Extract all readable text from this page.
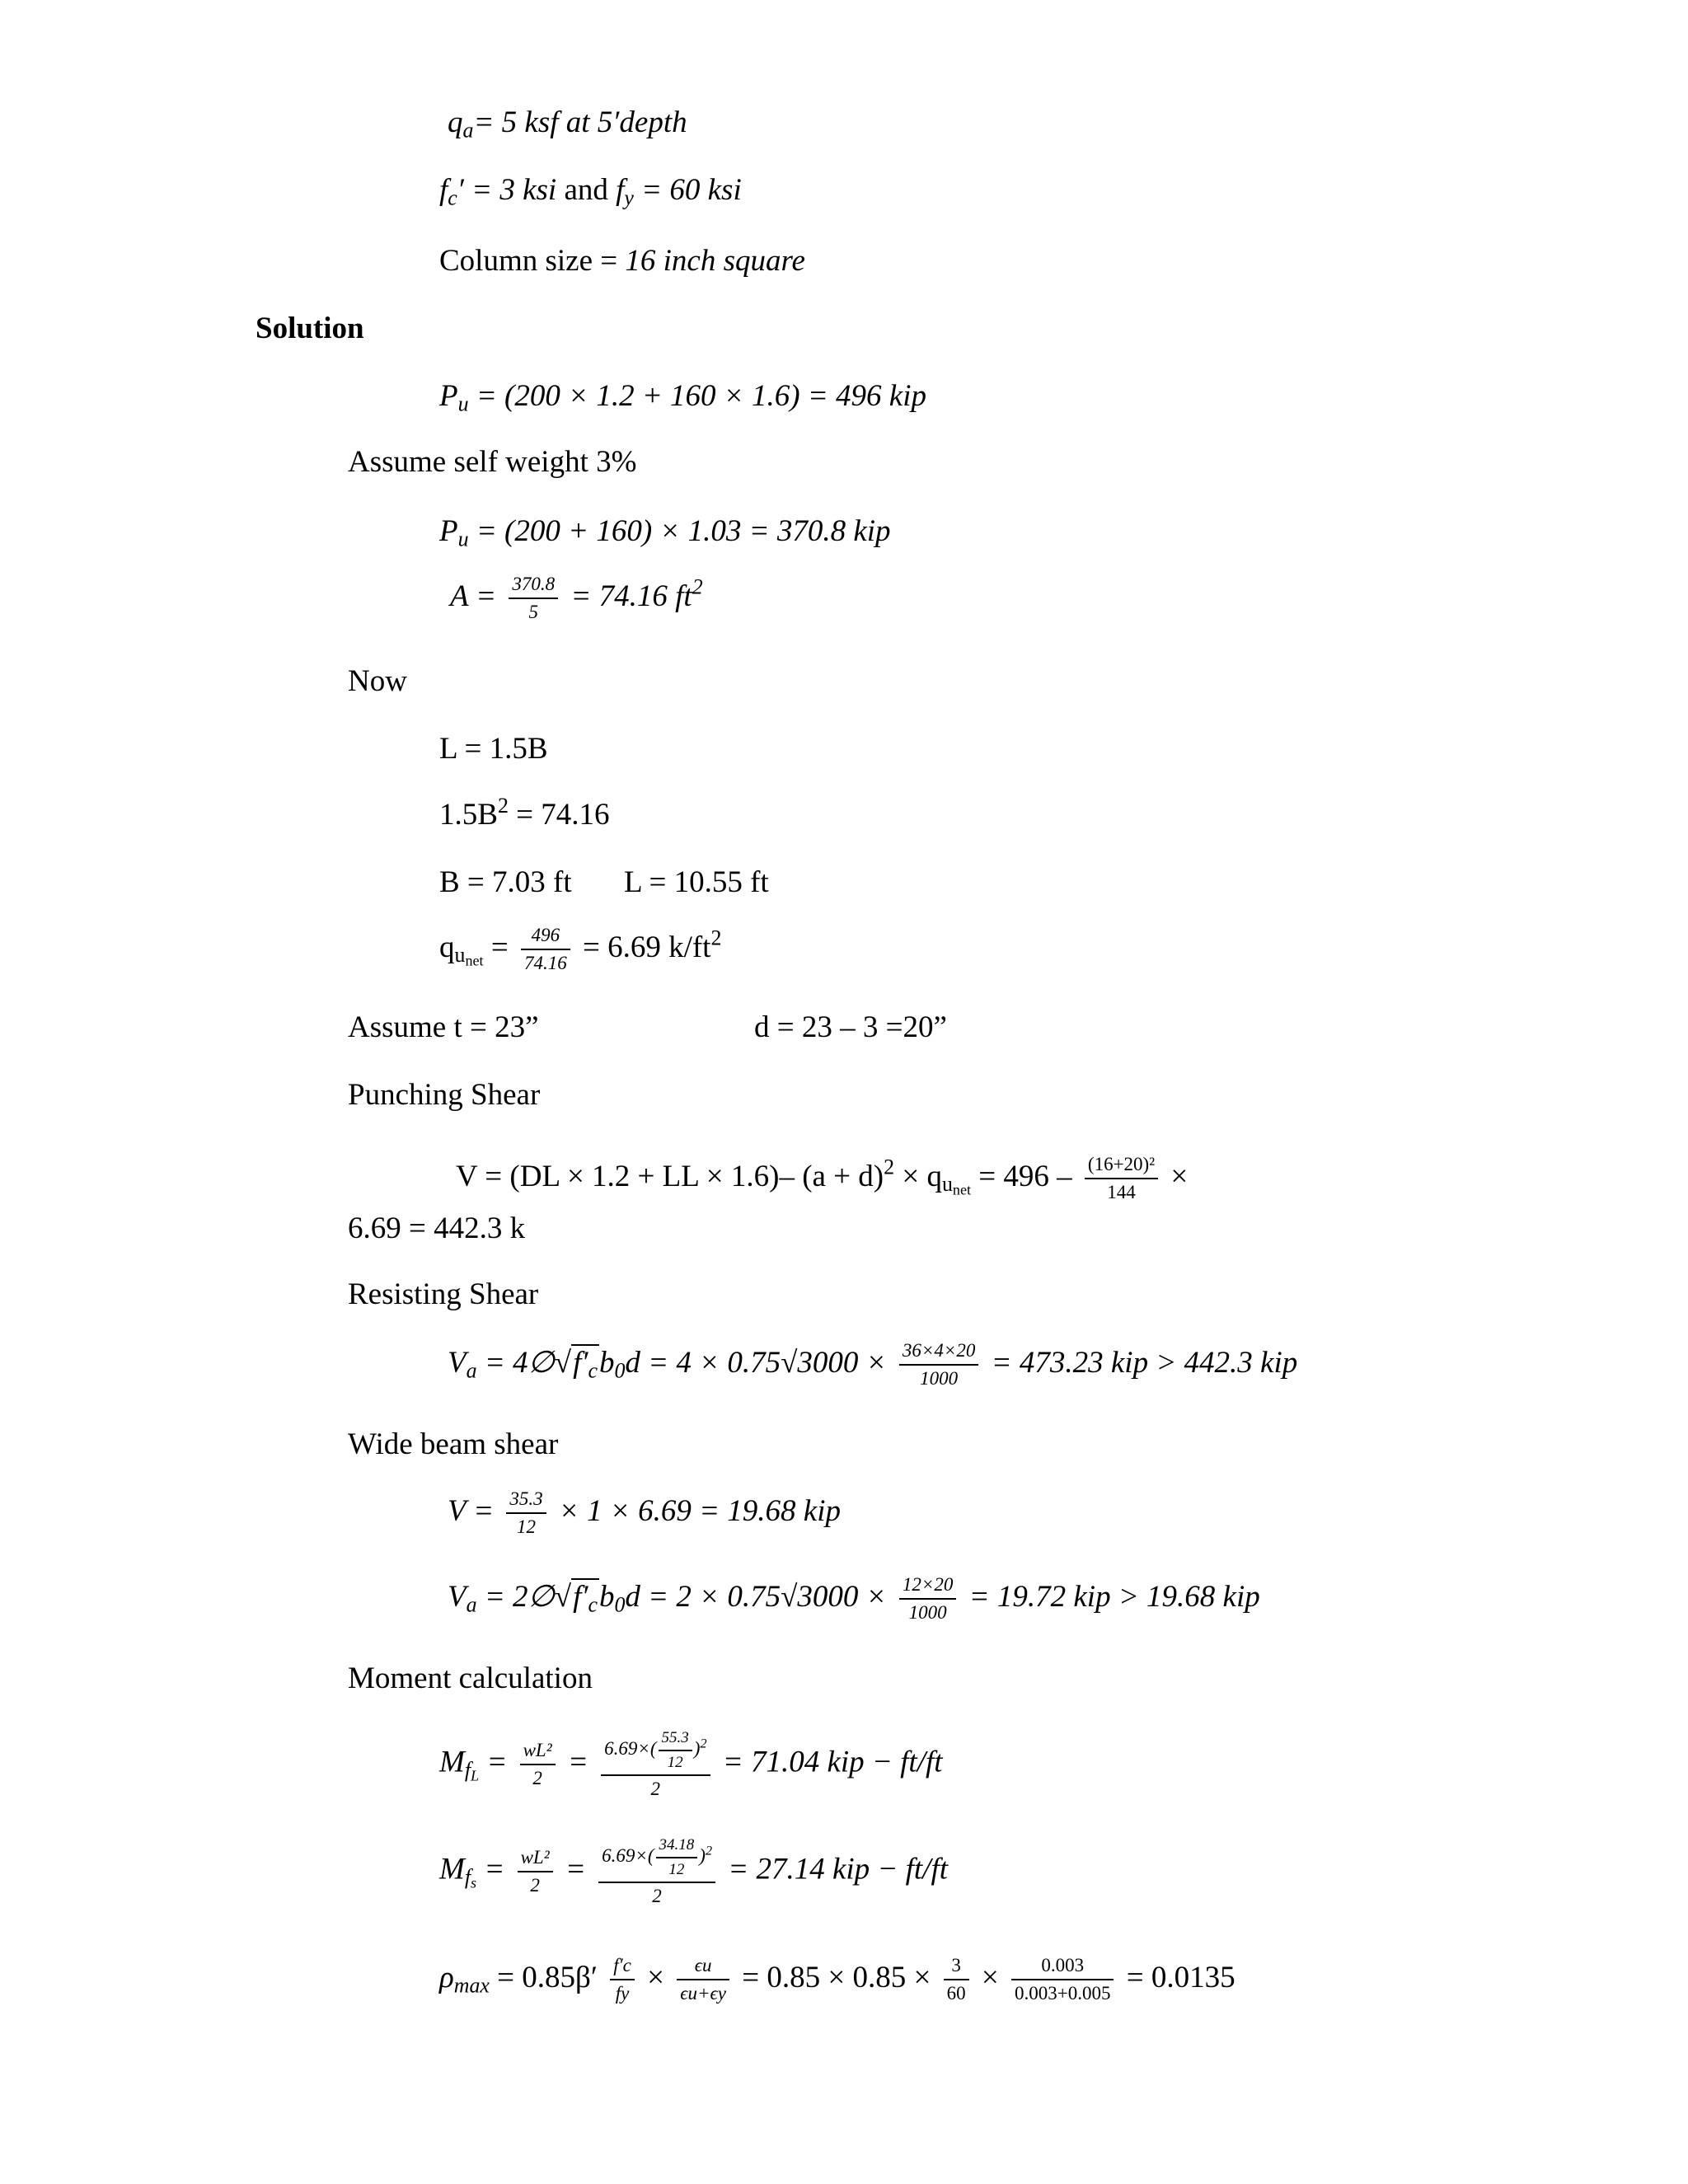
$q_a= 5$ ksf at 5′depth
$f_c' = 3$ ksi and $f_y = 60$ ksi
Column size = 16 inch square
Solution
$P_u = (200 \times 1.2 + 160 \times 1.6) = 496$ kip
Assume self weight 3%
$P_u = (200 + 160) \times 1.03 = 370.8$ kip
$A = \frac{370.8}{5} = 74.16$ $ft^2$
Now
L = 1.5B
$1.5B^2 = 74.16$
B = 7.03 ft L = 10.55 ft
$q_{u_{net}} = \frac{496}{74.16} = 6.69$ $k/ft^2$
Assume t = 23”	d = 23 – 3 =20”
Punching Shear
V = (DL × 1.2 + LL × 1.6)– $(a + d)^2 \times q_{u_{net}} = 496 - \frac{\text{(16+20)²}}{144}$ ×
6.69 = 442.3 k
Resisting Shear
$V_a$ = $4\emptyset√f'_cb_0d = 4 \times 0.75√3000 \times \frac{36\times 4\times 20}{1000} = 473.23$ kip > 442.3 kip
Wide beam shear
$V = \frac{35.3}{12} \times 1 \times 6.69 = 19.68$ kip
$V_a$ = $2\emptyset√f'_cb_0d = 2 \times 0.75√3000 \times \frac{12\times 20}{1000} = 19.72$ kip > 19.68 kip
Moment calculation
$M_{f_L} = \frac{\text{wL²}}{2} = \frac{6.69\times( \frac{55.3}{12} )^2}{2} = 71.04$ kip − ft/ft
$M_{f_s} = \frac{\text{wL²}}{2} = \frac{6.69\times( \frac{34.18}{12} )^2}{2} = 27.14$ kip − ft/ft
$\rho_{max} = 0.85\beta' \frac{f'c}{fy} \times \frac{\epsilon u}{\epsilon u+\epsilon y} = 0.85 \times 0.85 \times \frac{3}{60} \times \frac{0.003}{0.003+0.005} = 0.0135$
